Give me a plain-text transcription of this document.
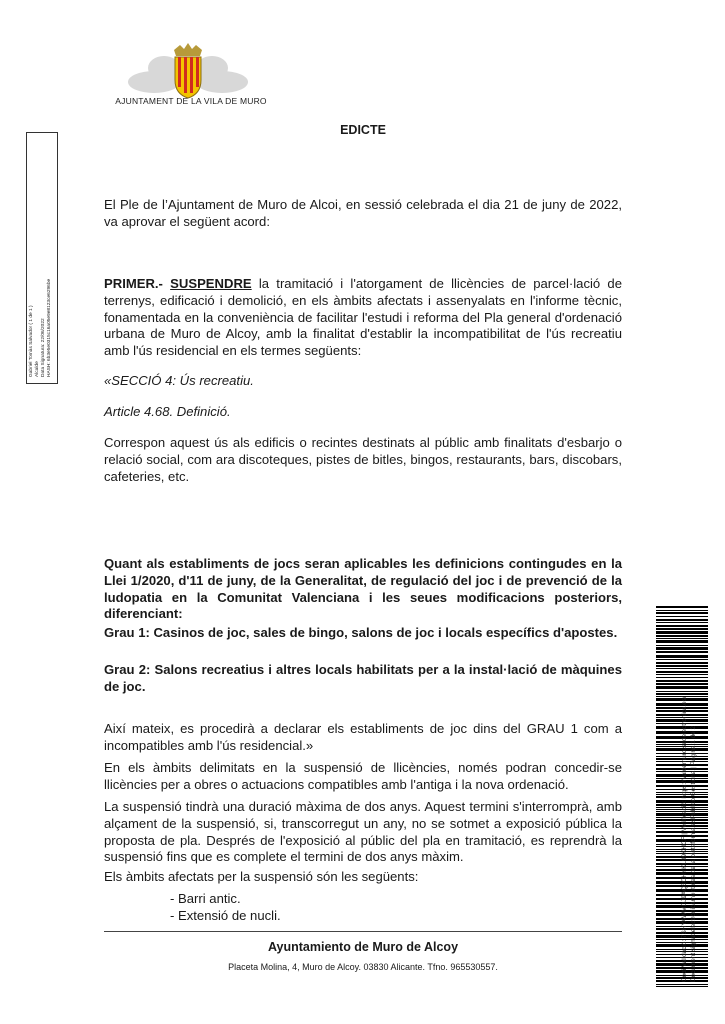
AJUNTAMENT DE LA VILA DE MURO
Gabriel Tomàs Salvador ( 1 de 1 )
Alcalde
Data Signatura: 22/06/2022
HASH: 6b3e5e0315c16a05e9e8123ce6296be
EDICTE

El Ple de l’Ajuntament de Muro de Alcoi, en sessió celebrada el dia 21 de juny de 2022, va aprovar el següent acord:

PRIMER.- SUSPENDRE la tramitació i l'atorgament de llicències de parcel·lació de terrenys, edificació i demolició, en els àmbits afectats i assenyalats en l'informe tècnic, fonamentada en la conveniència de facilitar l'estudi i reforma del Pla general d'ordenació urbana de Muro de Alcoy, amb la finalitat d'establir la incompatibilitat de l'ús recreatiu amb l'ús residencial en els termes següents:

«SECCIÓ 4: Ús recreatiu.

Article 4.68. Definició.

Correspon aquest ús als edificis o recintes destinats al públic amb finalitats d'esbarjo o relació social, com ara discoteques, pistes de bitles, bingos, restaurants, bars, discobars, cafeteries, etc.

Quant als establiments de jocs seran aplicables les definicions contingudes en la Llei 1/2020, d'11 de juny, de la Generalitat, de regulació del joc i de prevenció de la ludopatia en la Comunitat Valenciana i les seues modificacions posteriors, diferenciant:

Grau 1: Casinos de joc, sales de bingo, salons de joc i locals específics d'apostes.

Grau 2: Salons recreatius i altres locals habilitats per a la instal·lació de màquines de joc.

Així mateix, es procedirà a declarar els establiments de joc dins del GRAU 1 com a incompatibles amb l'ús residencial.»

En els àmbits delimitats en la suspensió de llicències, només podran concedir-se llicències per a obres o actuacions compatibles amb l'antiga i la nova ordenació.

La suspensió tindrà una duració màxima de dos anys. Aquest termini s'interromprà, amb alçament de la suspensió, si, transcorregut un any, no se sotmet a exposició pública la proposta de pla. Després de l'exposició al públic del pla en tramitació, es reprendrà la suspensió fins que es complete el termini de dos anys màxim.

Els àmbits afectats per la suspensió són les següents:

- Barri antic.
- Extensió de nucli.
Ayuntamiento de Muro de Alcoy
Placeta Molina, 4, Muro de Alcoy. 03830 Alicante. Tfno. 965530557.	Codi Validació: 7SHYAWMDJ9AQ3CHYKL99KHCF | Verificació: https://valdemuro.sedelectronica.es/ Document signat electrònicament des de la plataforma esPublico Gestiona | Pàgina 1 de 2
